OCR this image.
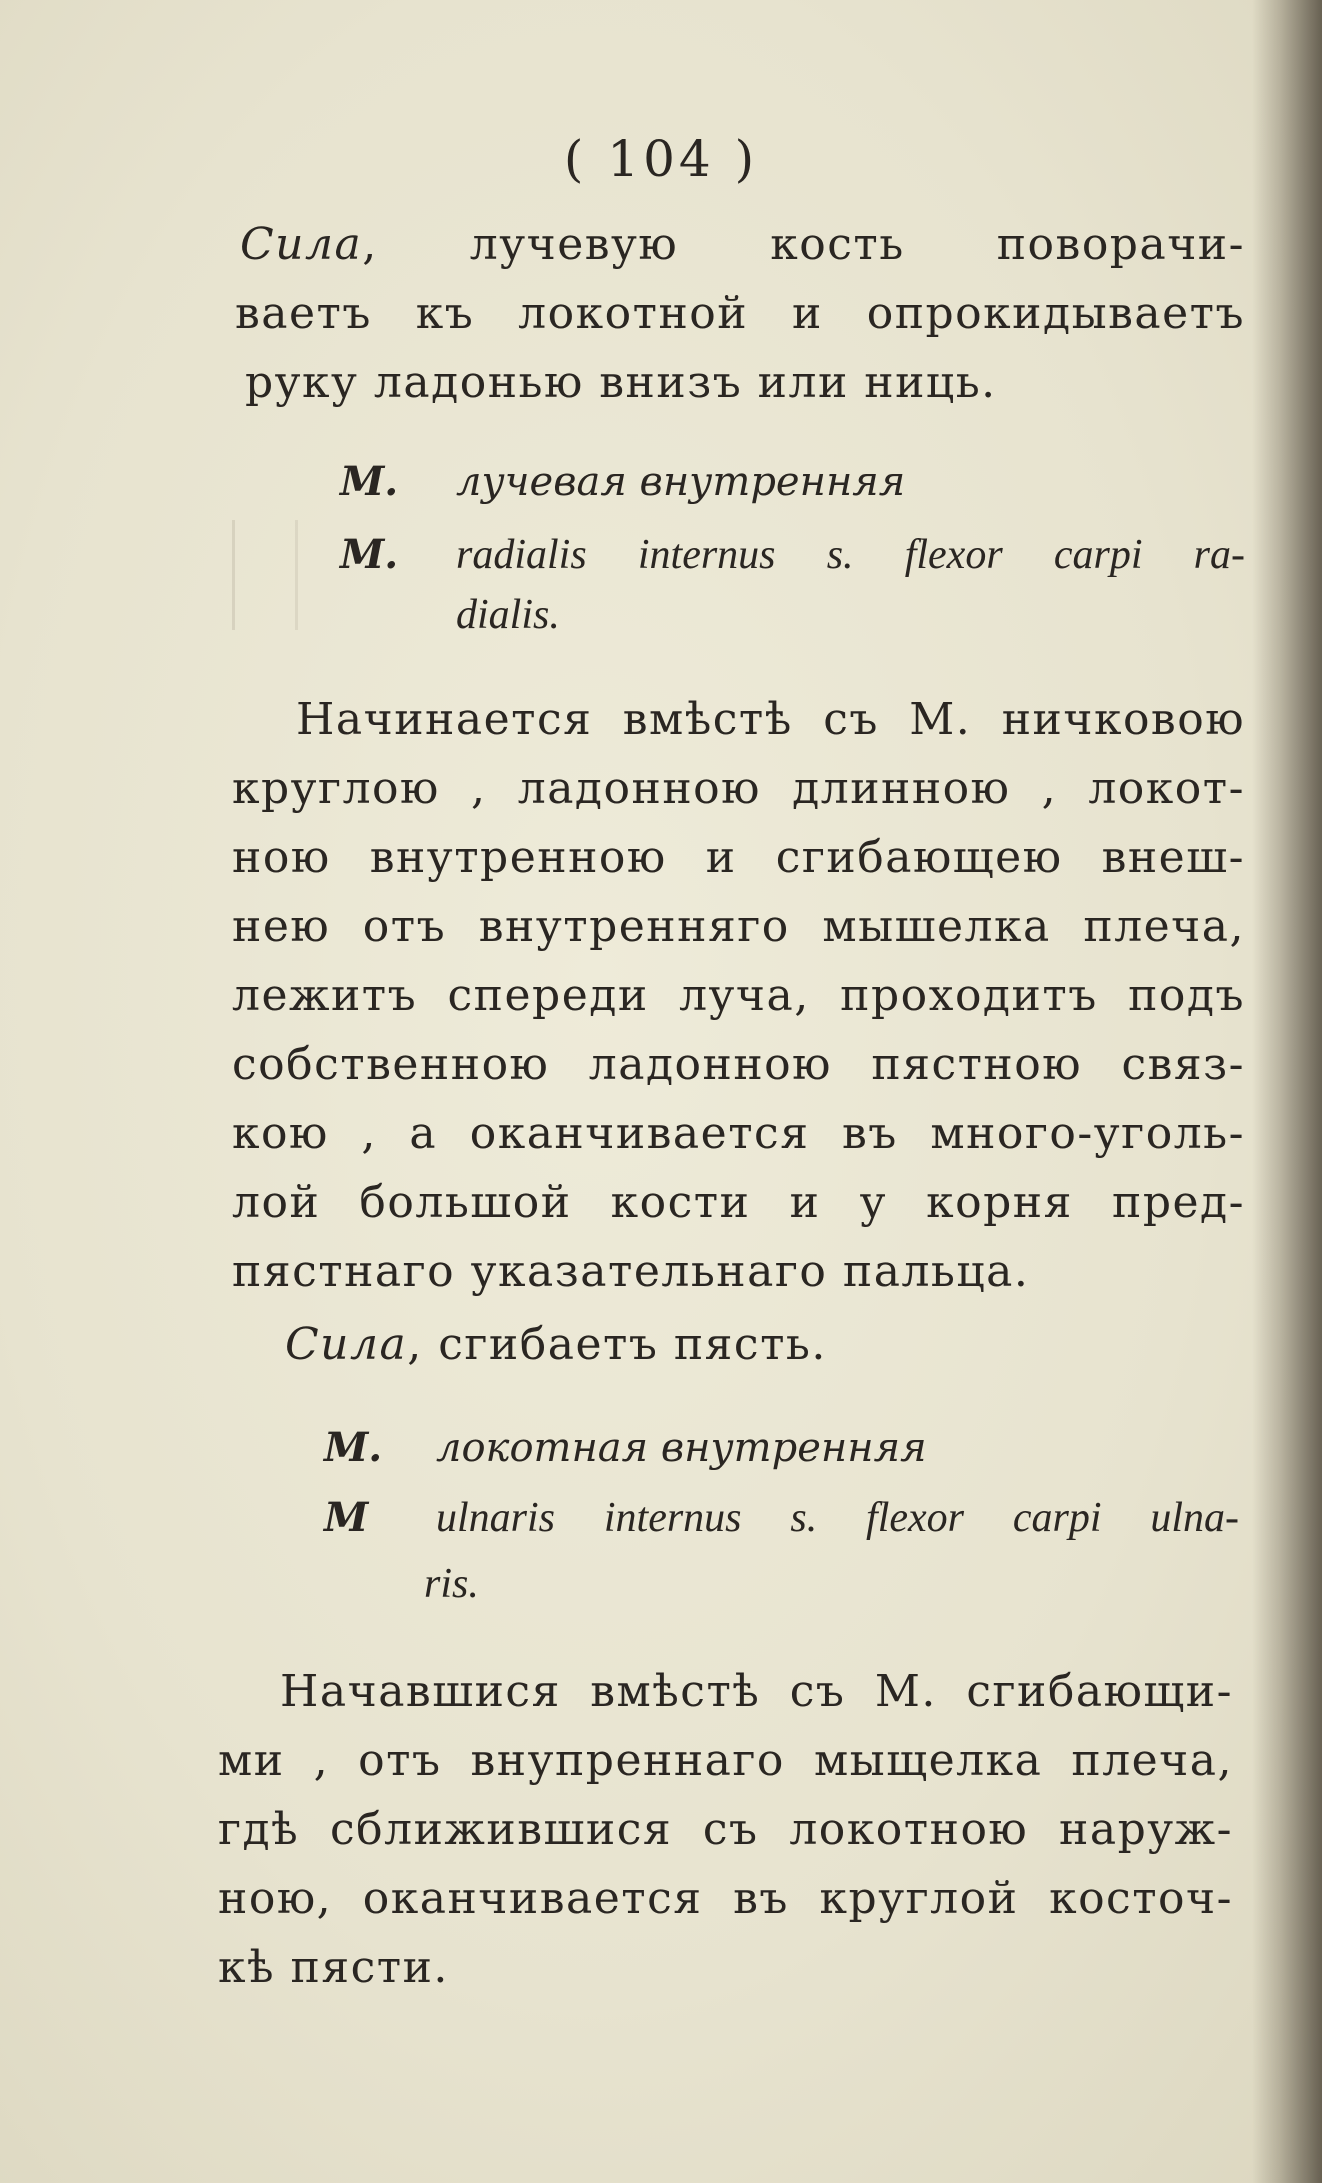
( 104 )
Сила, лучевую кость поворачи-
ваетъ къ локотной и опрокидываетъ
руку ладонью внизъ или ниць.
М. лучевая внутренняя
М. radialis internus s. flexor carpi ra-
dialis.
Начинается вмѣстѣ съ М. ничковою
круглою , ладонною длинною , локот-
ною внутренною и сгибающею внеш-
нею отъ внутренняго мышелка плеча,
лежитъ спереди луча, проходитъ подъ
собственною ладонною пястною связ-
кою , а оканчивается въ много-уголь-
лой большой кости и у корня пред-
пястнаго указательнаго пальца.
Сила, сгибаетъ пясть.
М. локотная внутренняя
М ulnaris internus s. flexor carpi ulna-
ris.
Начавшися вмѣстѣ съ М. сгибающи-
ми , отъ внупреннаго мыщелка плеча,
гдѣ сближившися съ локотною наруж-
ною, оканчивается въ круглой косточ-
кѣ пясти.
